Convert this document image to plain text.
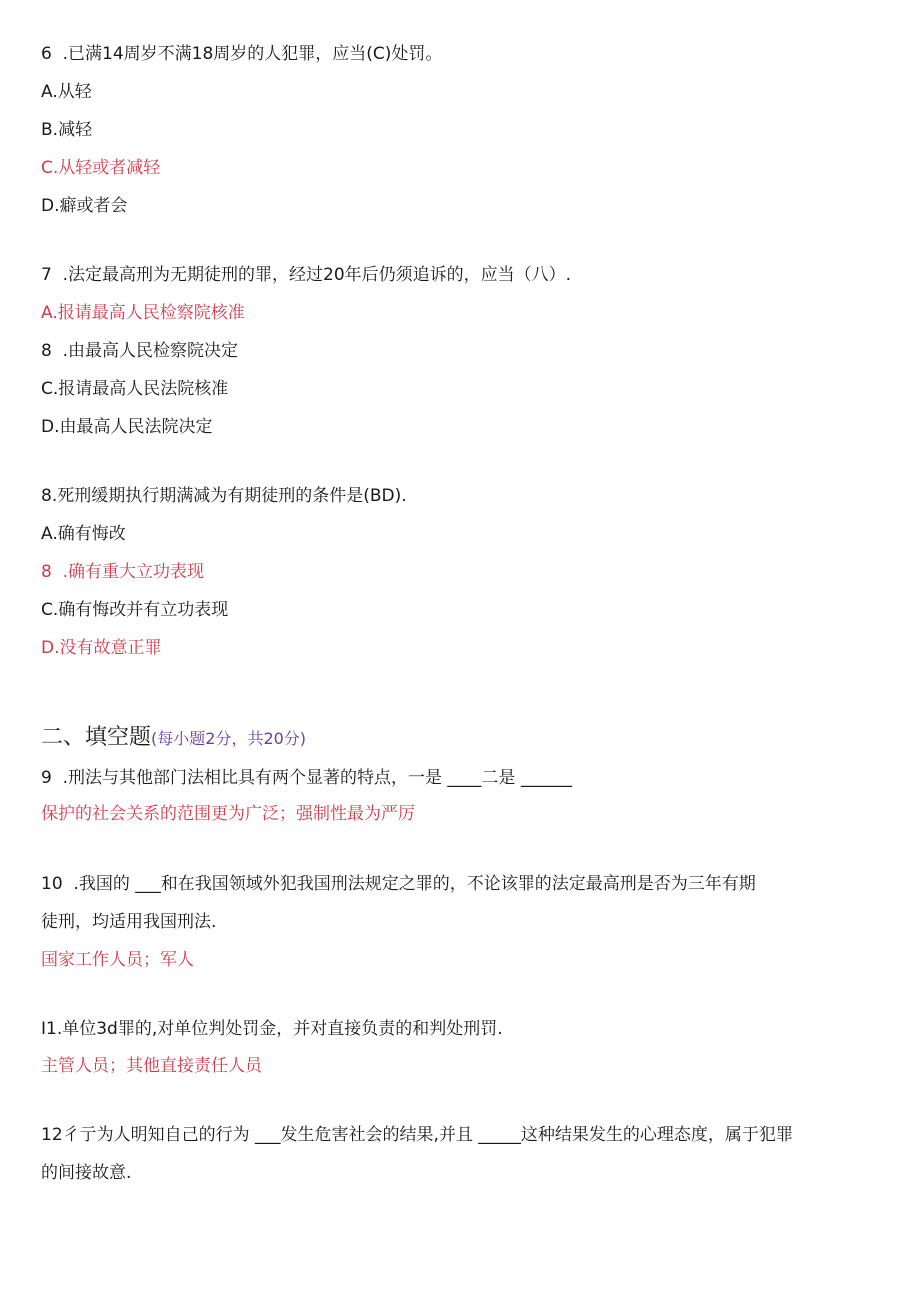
6  .已满14周岁不满18周岁的人犯罪，应当(C)处罚。
A.从轻
B.减轻
C.从轻或者减轻
D.癖或者会
7  .法定最高刑为无期徒刑的罪，经过20年后仍须追诉的，应当（八）.
A.报请最高人民检察院核准
8  .由最高人民检察院决定
C.报请最高人民法院核准
D.由最高人民法院决定
8.死刑缓期执行期满减为有期徒刑的条件是(BD).
A.确有悔改
8  .确有重大立功表现
C.确有悔改并有立功表现
D.没有故意正罪
二、填空题(每小题2分，共20分)
9  .刑法与其他部门法相比具有两个显著的特点，一是 ____二是 ______
保护的社会关系的范围更为广泛；强制性最为严厉
10  .我国的 ___和在我国领域外犯我国刑法规定之罪的，不论该罪的法定最高刑是否为三年有期
徒刑，均适用我国刑法.
国家工作人员；军人
I1.单位3d罪的,对单位判处罚金，并对直接负责的和判处刑罚.
主管人员；其他直接责任人员
12彳亍为人明知自己的行为 ___发生危害社会的结果,并且 _____这种结果发生的心理态度，属于犯罪
的间接故意.
